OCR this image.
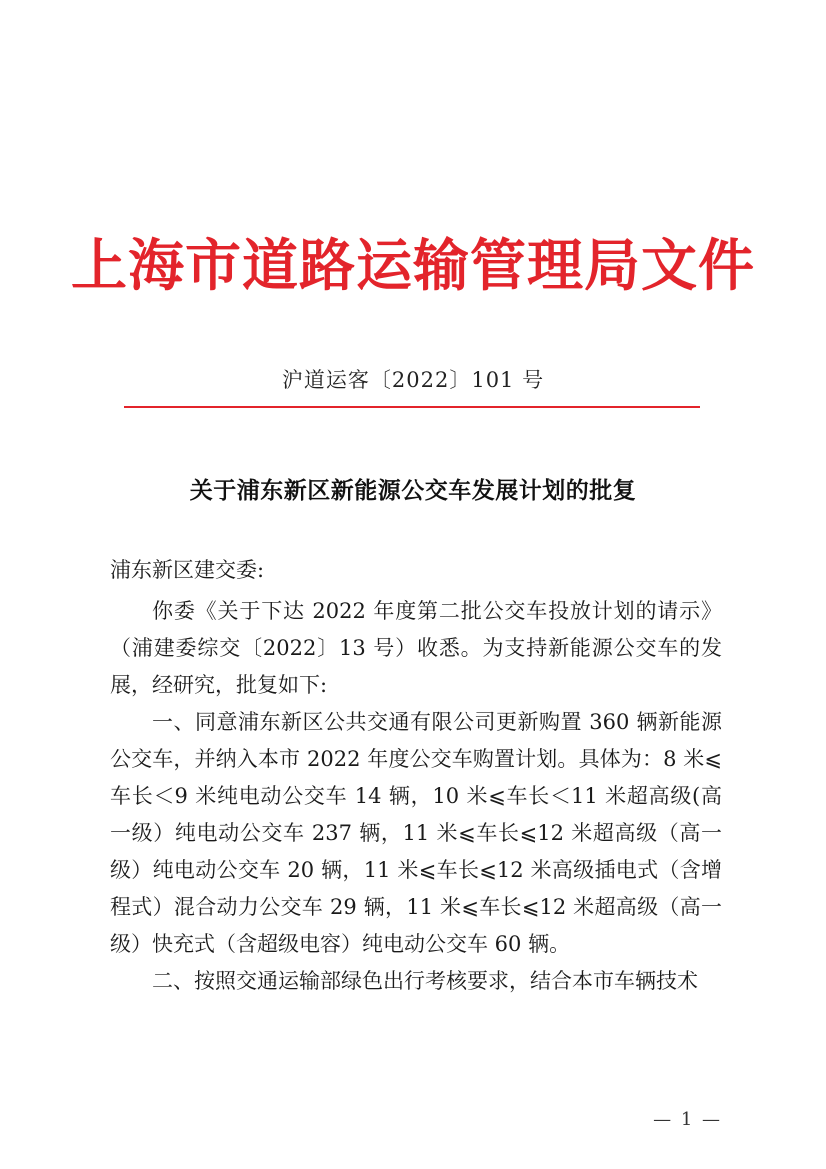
上海市道路运输管理局文件
沪道运客〔2022〕101 号
关于浦东新区新能源公交车发展计划的批复

浦东新区建交委:

你委《关于下达 2022 年度第二批公交车投放计划的请示》（浦建委综交〔2022〕13 号）收悉。为支持新能源公交车的发展，经研究，批复如下:

一、同意浦东新区公共交通有限公司更新购置 360 辆新能源公交车，并纳入本市 2022 年度公交车购置计划。具体为：8 米⩽车长＜9 米纯电动公交车 14 辆，10 米⩽车长＜11 米超高级(高一级）纯电动公交车 237 辆，11 米⩽车长⩽12 米超高级（高一级）纯电动公交车 20 辆，11 米⩽车长⩽12 米高级插电式（含增程式）混合动力公交车 29 辆，11 米⩽车长⩽12 米超高级（高一级）快充式（含超级电容）纯电动公交车 60 辆。

二、按照交通运输部绿色出行考核要求，结合本市车辆技术

— 1 —
